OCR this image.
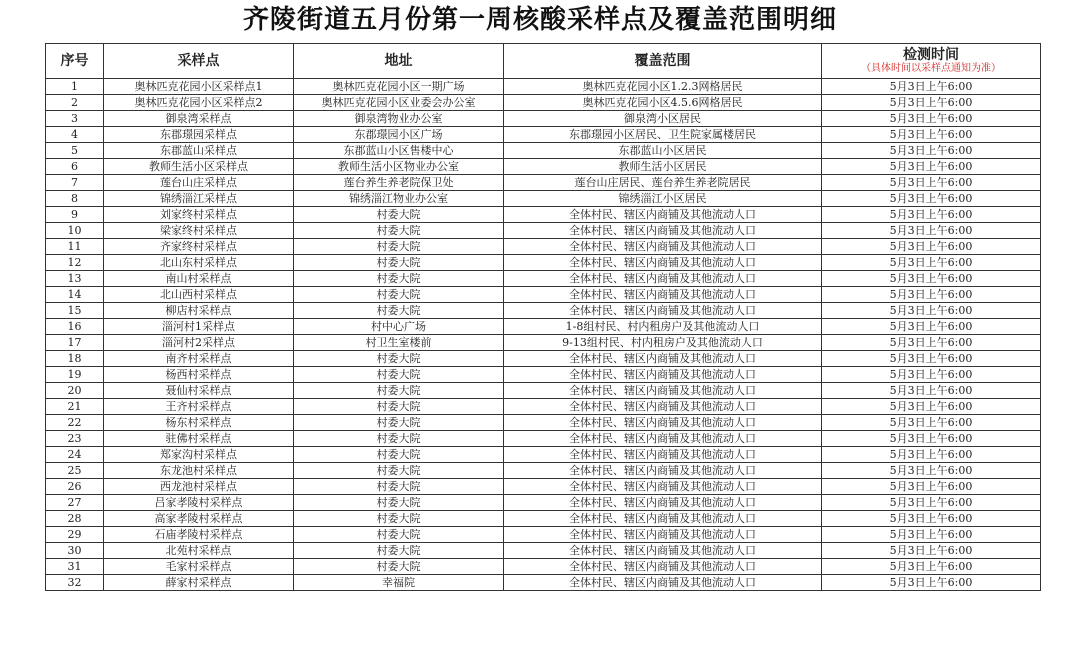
齐陵街道五月份第一周核酸采样点及覆盖范围明细
序号	采样点	地址	覆盖范围	检测时间
（具体时间以采样点通知为准）

1	奥林匹克花园小区采样点1	奥林匹克花园小区一期广场	奥林匹克花园小区1.2.3网格居民	5月3日上午6:00
2	奥林匹克花园小区采样点2	奥林匹克花园小区业委会办公室	奥林匹克花园小区4.5.6网格居民	5月3日上午6:00
3	御泉湾采样点	御泉湾物业办公室	御泉湾小区居民	5月3日上午6:00
4	东郡璟园采样点	东郡璟园小区广场	东郡璟园小区居民、卫生院家属楼居民	5月3日上午6:00
5	东郡蓝山采样点	东郡蓝山小区售楼中心	东郡蓝山小区居民	5月3日上午6:00
6	教师生活小区采样点	教师生活小区物业办公室	教师生活小区居民	5月3日上午6:00
7	莲台山庄采样点	莲台养生养老院保卫处	莲台山庄居民、莲台养生养老院居民	5月3日上午6:00
8	锦绣淄江采样点	锦绣淄江物业办公室	锦绣淄江小区居民	5月3日上午6:00
9	刘家终村采样点	村委大院	全体村民、辖区内商铺及其他流动人口	5月3日上午6:00
10	梁家终村采样点	村委大院	全体村民、辖区内商铺及其他流动人口	5月3日上午6:00
11	齐家终村采样点	村委大院	全体村民、辖区内商铺及其他流动人口	5月3日上午6:00
12	北山东村采样点	村委大院	全体村民、辖区内商铺及其他流动人口	5月3日上午6:00
13	南山村采样点	村委大院	全体村民、辖区内商铺及其他流动人口	5月3日上午6:00
14	北山西村采样点	村委大院	全体村民、辖区内商铺及其他流动人口	5月3日上午6:00
15	柳店村采样点	村委大院	全体村民、辖区内商铺及其他流动人口	5月3日上午6:00
16	淄河村1采样点	村中心广场	1-8组村民、村内租房户及其他流动人口	5月3日上午6:00
17	淄河村2采样点	村卫生室楼前	9-13组村民、村内租房户及其他流动人口	5月3日上午6:00
18	南齐村采样点	村委大院	全体村民、辖区内商铺及其他流动人口	5月3日上午6:00
19	杨西村采样点	村委大院	全体村民、辖区内商铺及其他流动人口	5月3日上午6:00
20	聂仙村采样点	村委大院	全体村民、辖区内商铺及其他流动人口	5月3日上午6:00
21	王齐村采样点	村委大院	全体村民、辖区内商铺及其他流动人口	5月3日上午6:00
22	杨东村采样点	村委大院	全体村民、辖区内商铺及其他流动人口	5月3日上午6:00
23	驻佛村采样点	村委大院	全体村民、辖区内商铺及其他流动人口	5月3日上午6:00
24	郑家沟村采样点	村委大院	全体村民、辖区内商铺及其他流动人口	5月3日上午6:00
25	东龙池村采样点	村委大院	全体村民、辖区内商铺及其他流动人口	5月3日上午6:00
26	西龙池村采样点	村委大院	全体村民、辖区内商铺及其他流动人口	5月3日上午6:00
27	吕家孝陵村采样点	村委大院	全体村民、辖区内商铺及其他流动人口	5月3日上午6:00
28	高家孝陵村采样点	村委大院	全体村民、辖区内商铺及其他流动人口	5月3日上午6:00
29	石庙孝陵村采样点	村委大院	全体村民、辖区内商铺及其他流动人口	5月3日上午6:00
30	北苑村采样点	村委大院	全体村民、辖区内商铺及其他流动人口	5月3日上午6:00
31	毛家村采样点	村委大院	全体村民、辖区内商铺及其他流动人口	5月3日上午6:00
32	薛家村采样点	幸福院	全体村民、辖区内商铺及其他流动人口	5月3日上午6:00
